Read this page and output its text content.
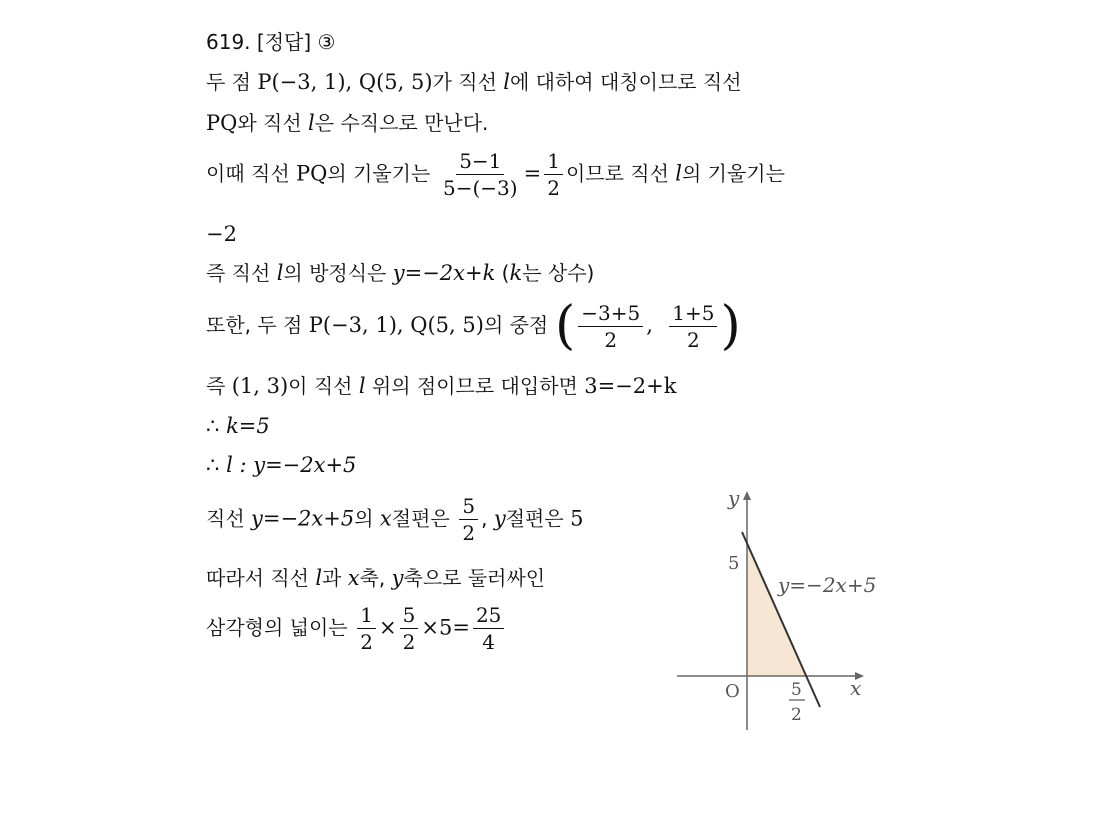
619. [정답] ③
두 점 P(−3, 1), Q(5, 5)가 직선 l에 대하여 대칭이므로 직선
PQ와 직선 l은 수직으로 만난다.
이때 직선 PQ의 기울기는 $\frac{5-1}{5-(-3)} = \frac{1}{2}$ 이므로 직선 l의 기울기는
−2
즉 직선 l의 방정식은 y=−2x+k (k는 상수)
또한, 두 점 P(−3, 1), Q(5, 5)의 중점 ( $\frac{-3+5}{2}$ , $\frac{1+5}{2}$ )
즉 (1, 3)이 직선 l 위의 점이므로 대입하면 3=−2+k
∴ k=5
∴ l : y=−2x+5
직선 y=−2x+5의 x절편은 $\frac{5}{2}$ , y절편은 5
따라서 직선 l과 x축, y축으로 둘러싸인
삼각형의 넓이는 $\frac{1}{2} \times \frac{5}{2} \times 5= \frac{25}{4}$
y
x
O
5
5
2
y=−2x+5
